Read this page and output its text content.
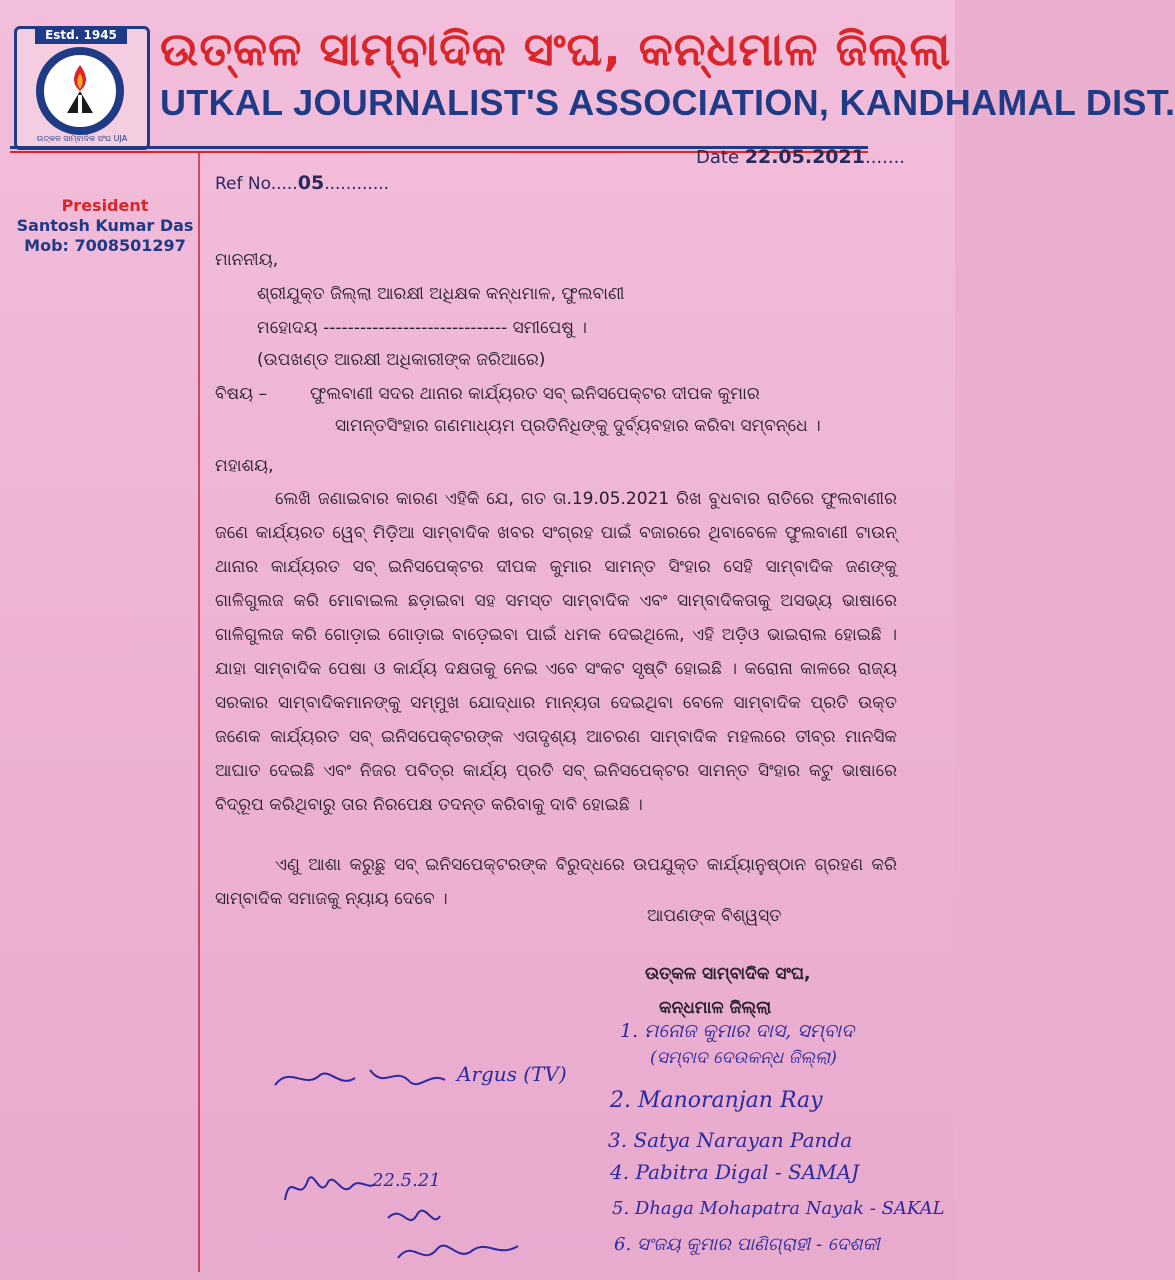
Estd. 1945
ଉତ୍କଳ ସାମ୍ବାଦିକ ସଂଘ UJA
ଉତ୍କଳ ସାମ୍ବାଦିକ ସଂଘ, କନ୍ଧମାଳ ଜିଲ୍ଲା
UTKAL JOURNALIST'S ASSOCIATION, KANDHAMAL DIST.
Date 22.05.2021.......
Ref No.....05............
President
Santosh Kumar Das
Mob: 7008501297
ମାନନୀୟ,
ଶ୍ରୀଯୁକ୍ତ ଜିଲ୍ଲା ଆରକ୍ଷୀ ଅଧିକ୍ଷକ କନ୍ଧମାଳ, ଫୁଲବାଣୀ
ମହୋଦୟ ------------------------------ ସମୀପେଷୁ ।
(ଉପଖଣ୍ଡ ଆରକ୍ଷୀ ଅଧିକାରୀଙ୍କ ଜରିଆରେ)
ବିଷୟ –	ଫୁଲବାଣୀ ସଦର ଥାନାର କାର୍ଯ୍ୟରତ ସବ୍ ଇନିସପେକ୍ଟର ଦୀପକ କୁମାର
ସାମନ୍ତସିଂହାର ଗଣମାଧ୍ୟମ ପ୍ରତିନିଧିଙ୍କୁ ଦୁର୍ବ୍ୟବହାର କରିବା ସମ୍ବନ୍ଧେ ।
ମହାଶୟ,
ଲେଖି ଜଣାଇବାର କାରଣ ଏହିକି ଯେ, ଗତ ତା.19.05.2021 ରିଖ ବୁଧବାର ରାତିରେ ଫୁଲବାଣୀର ଜଣେ କାର୍ଯ୍ୟରତ ୱେବ୍ ମିଡ଼ିଆ ସାମ୍ବାଦିକ ଖବର ସଂଗ୍ରହ ପାଇଁ ବଜାରରେ ଥିବାବେଳେ ଫୁଲବାଣୀ ଟାଉନ୍ ଥାନାର କାର୍ଯ୍ୟରତ ସବ୍ ଇନିସପେକ୍ଟର ଦୀପକ କୁମାର ସାମନ୍ତ ସିଂହାର ସେହି ସାମ୍ବାଦିକ ଜଣଙ୍କୁ ଗାଳିଗୁଲଜ କରି ମୋବାଇଲ ଛଡ଼ାଇବା ସହ ସମସ୍ତ ସାମ୍ବାଦିକ ଏବଂ ସାମ୍ବାଦିକତାକୁ ଅସଭ୍ୟ ଭାଷାରେ ଗାଳିଗୁଲଜ କରି ଗୋଡ଼ାଇ ଗୋଡ଼ାଇ ବାଡ଼େଇବା ପାଇଁ ଧମକ ଦେଇଥିଲେ, ଏହି ଅଡ଼ିଓ ଭାଇରାଲ ହୋଇଛି । ଯାହା ସାମ୍ବାଦିକ ପେଷା ଓ କାର୍ଯ୍ୟ ଦକ୍ଷତାକୁ ନେଇ ଏବେ ସଂକଟ ସୃଷ୍ଟି ହୋଇଛି । କରୋନା କାଳରେ ରାଜ୍ୟ ସରକାର ସାମ୍ବାଦିକମାନଙ୍କୁ ସମ୍ମୁଖ ଯୋଦ୍ଧାର ମାନ୍ୟତା ଦେଇଥିବା ବେଳେ ସାମ୍ବାଦିକ ପ୍ରତି ଉକ୍ତ ଜଣେକ କାର୍ଯ୍ୟରତ ସବ୍ ଇନିସପେକ୍ଟରଙ୍କ ଏତାଦୃଶ୍ୟ ଆଚରଣ ସାମ୍ବାଦିକ ମହଲରେ ତୀବ୍ର ମାନସିକ ଆଘାତ ଦେଇଛି ଏବଂ ନିଜର ପବିତ୍ର କାର୍ଯ୍ୟ ପ୍ରତି ସବ୍ ଇନିସପେକ୍ଟର ସାମନ୍ତ ସିଂହାର କଟୁ ଭାଷାରେ ବିଦ୍ରୂପ କରିଥିବାରୁ ତାର ନିରପେକ୍ଷ ତଦନ୍ତ କରିବାକୁ ଦାବି ହୋଇଛି ।
ଏଣୁ ଆଶା କରୁଛୁ ସବ୍ ଇନିସପେକ୍ଟରଙ୍କ ବିରୁଦ୍ଧରେ ଉପଯୁକ୍ତ କାର୍ଯ୍ୟାନୁଷ୍ଠାନ ଗ୍ରହଣ କରି ସାମ୍ବାଦିକ ସମାଜକୁ ନ୍ୟାୟ ଦେବେ ।
ଆପଣଙ୍କ ବିଶ୍ୱସ୍ତ
ଉତ୍କଳ ସାମ୍ବାଦିକ ସଂଘ,
କନ୍ଧମାଳ ଜିଲ୍ଲା
Argus (TV)
22.5.21
1. ମନୋଜ କୁମାର ଦାସ, ସମ୍ବାଦ
(ସମ୍ବାଦ ଦେଉକନ୍ଧ ଜିଲ୍ଲା)
2. Manoranjan Ray
3. Satya Narayan Panda
4. Pabitra Digal - SAMAJ
5. Dhaga Mohapatra Nayak - SAKAL
6. ସଂଜୟ କୁମାର ପାଣିଗ୍ରାହୀ - ଦେଶକୀ
